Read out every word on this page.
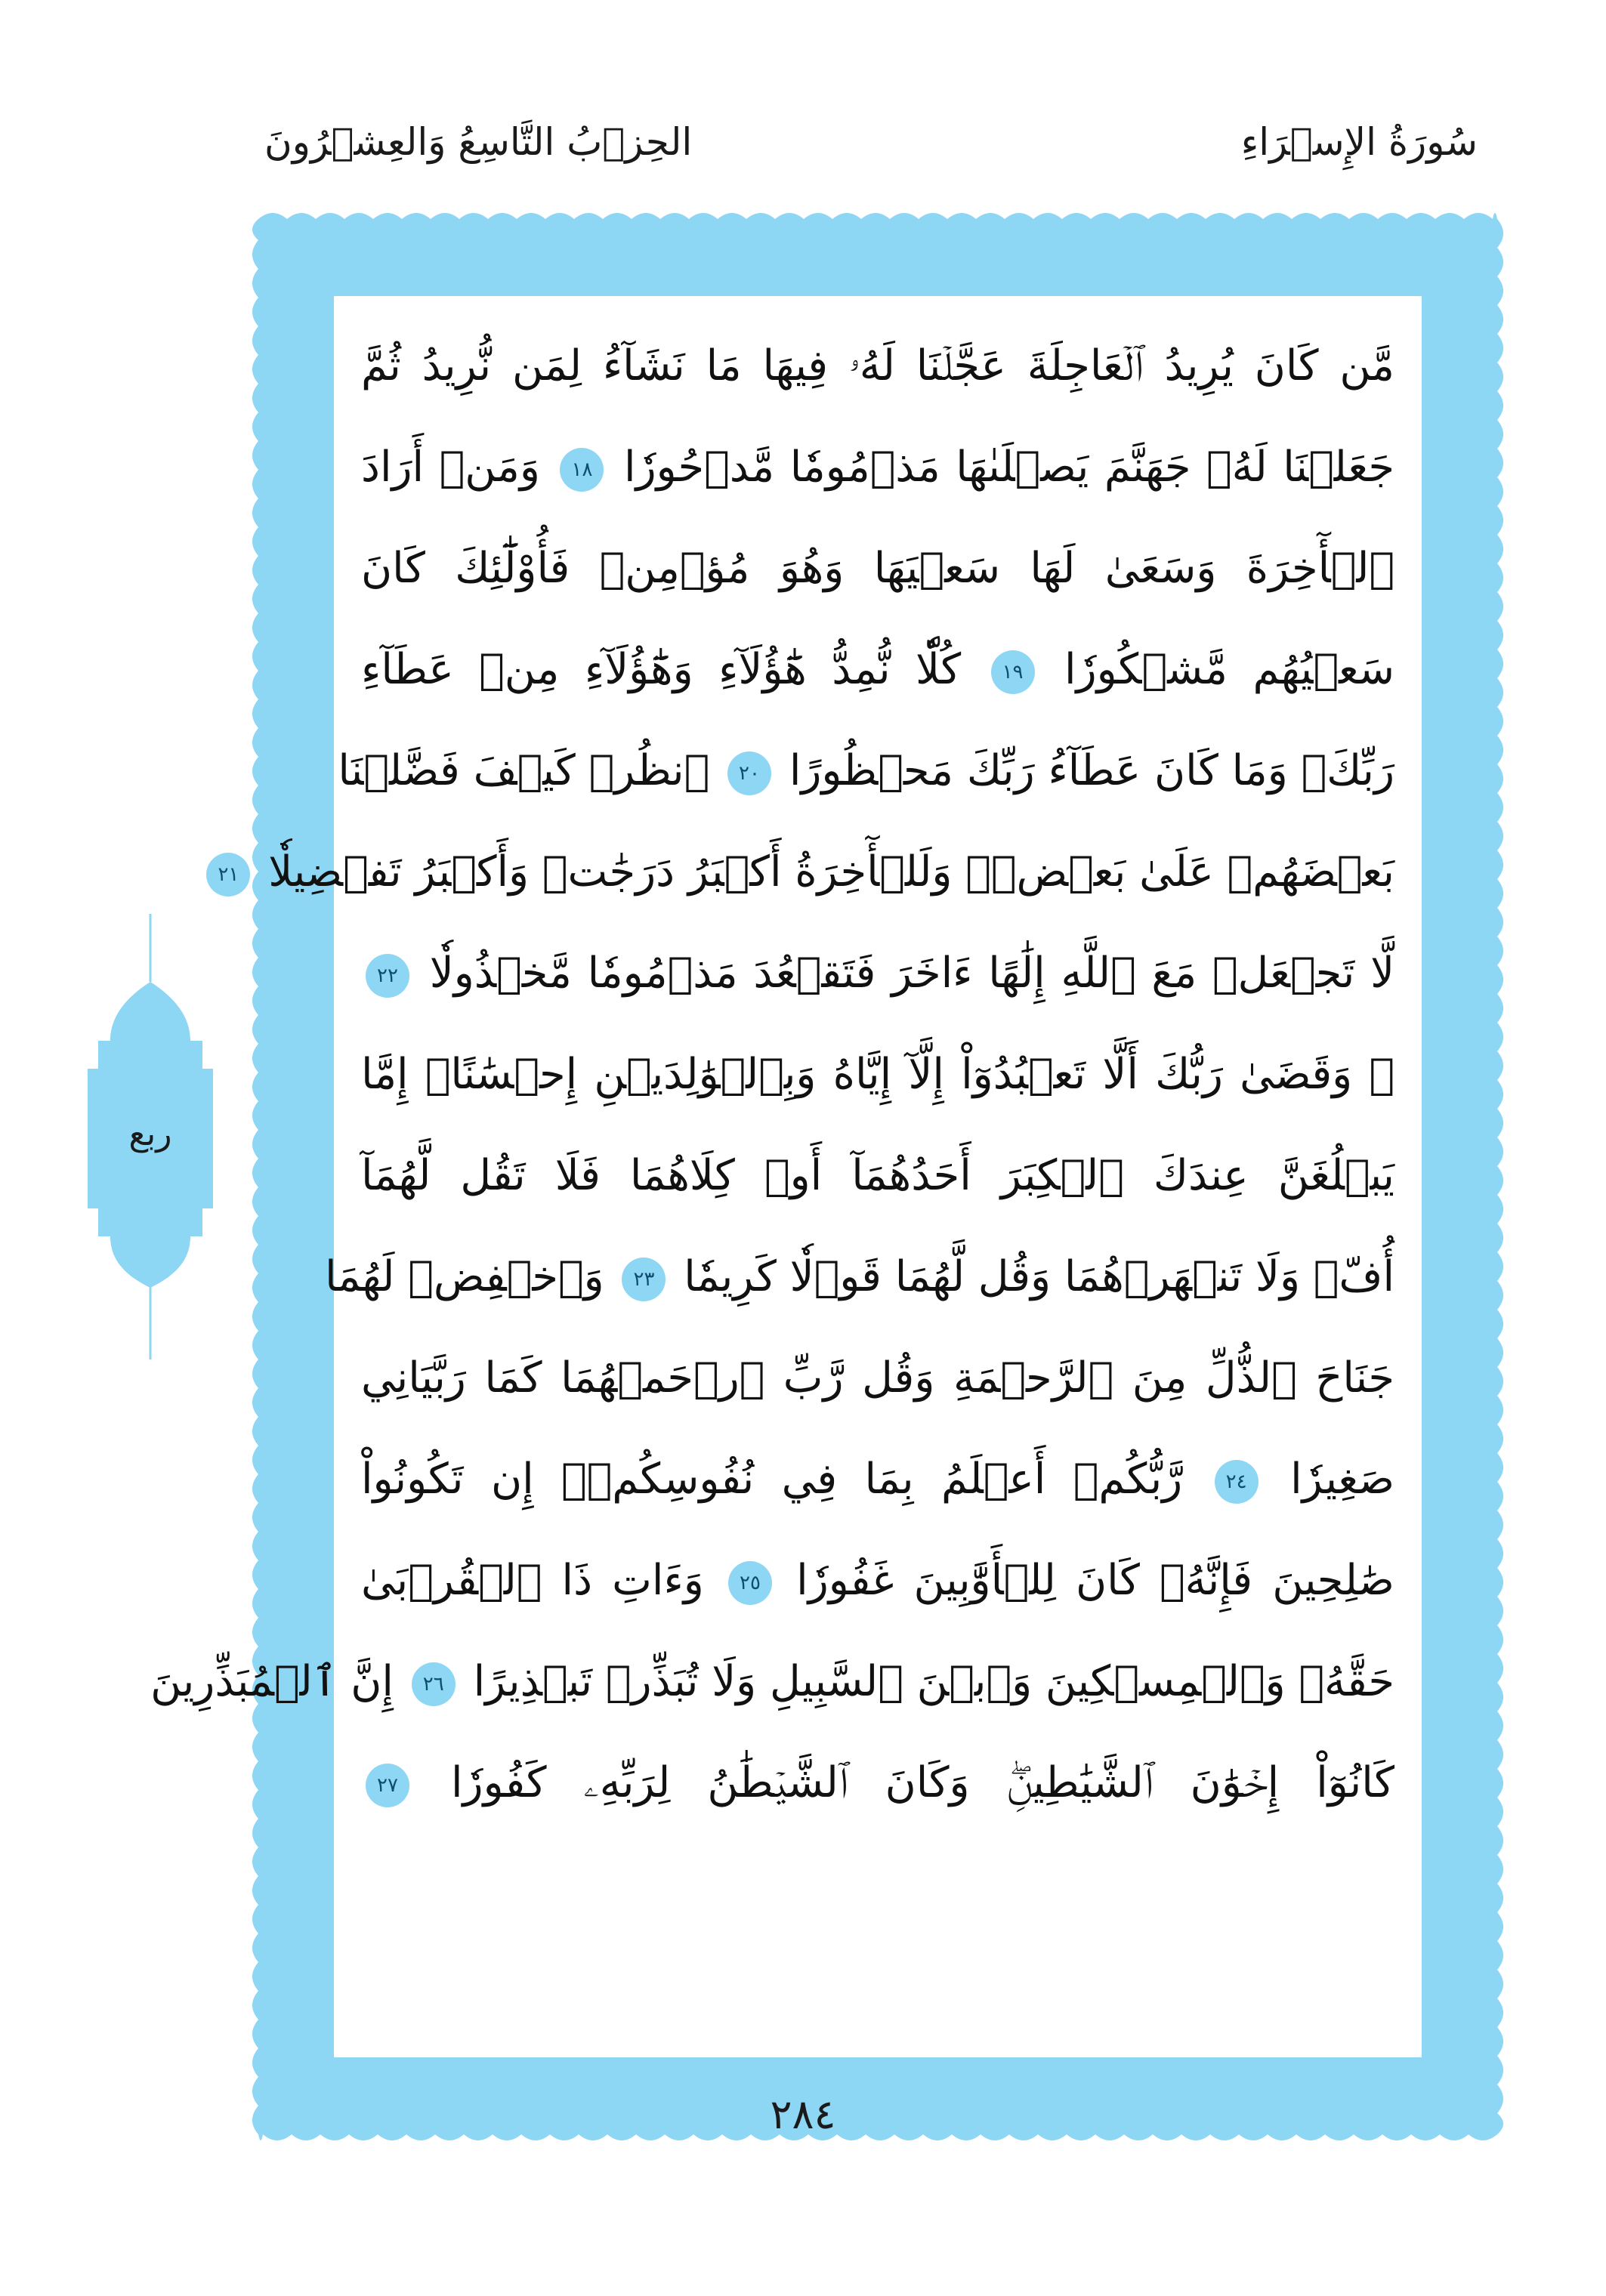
سُورَةُ الإِسۡرَاءِ
الحِزۡبُ التَّاسِعُ وَالعِشۡرُونَ
ربع
مَّن كَانَ يُرِيدُ ٱلۡعَاجِلَةَ عَجَّلۡنَا لَهُۥ فِيهَا مَا نَشَآءُ لِمَن نُّرِيدُ ثُمَّ
جَعَلۡنَا لَهُۥ جَهَنَّمَ يَصۡلَىٰهَا مَذۡمُومٗا مَّدۡحُورٗا ١٨ وَمَنۡ أَرَادَ
ٱلۡأٓخِرَةَ وَسَعَىٰ لَهَا سَعۡيَهَا وَهُوَ مُؤۡمِنٞ فَأُوْلَٰٓئِكَ كَانَ
سَعۡيُهُم مَّشۡكُورٗا ١٩ كُلّٗا نُّمِدُّ هَٰٓؤُلَآءِ وَهَٰٓؤُلَآءِ مِنۡ عَطَآءِ
رَبِّكَۚ وَمَا كَانَ عَطَآءُ رَبِّكَ مَحۡظُورًا ٢٠ ٱنظُرۡ كَيۡفَ فَضَّلۡنَا
بَعۡضَهُمۡ عَلَىٰ بَعۡضٖۚ وَلَلۡأٓخِرَةُ أَكۡبَرُ دَرَجَٰتٖ وَأَكۡبَرُ تَفۡضِيلٗا ٢١
لَّا تَجۡعَلۡ مَعَ ٱللَّهِ إِلَٰهًا ءَاخَرَ فَتَقۡعُدَ مَذۡمُومٗا مَّخۡذُولٗا ٢٢
۞ وَقَضَىٰ رَبُّكَ أَلَّا تَعۡبُدُوٓاْ إِلَّآ إِيَّاهُ وَبِٱلۡوَٰلِدَيۡنِ إِحۡسَٰنًاۚ إِمَّا
يَبۡلُغَنَّ عِندَكَ ٱلۡكِبَرَ أَحَدُهُمَآ أَوۡ كِلَاهُمَا فَلَا تَقُل لَّهُمَآ
أُفّٖ وَلَا تَنۡهَرۡهُمَا وَقُل لَّهُمَا قَوۡلٗا كَرِيمٗا ٢٣ وَٱخۡفِضۡ لَهُمَا
جَنَاحَ ٱلذُّلِّ مِنَ ٱلرَّحۡمَةِ وَقُل رَّبِّ ٱرۡحَمۡهُمَا كَمَا رَبَّيَانِي
صَغِيرٗا ٢٤ رَّبُّكُمۡ أَعۡلَمُ بِمَا فِي نُفُوسِكُمۡۚ إِن تَكُونُواْ
صَٰلِحِينَ فَإِنَّهُۥ كَانَ لِلۡأَوَّٰبِينَ غَفُورٗا ٢٥ وَءَاتِ ذَا ٱلۡقُرۡبَىٰ
حَقَّهُۥ وَٱلۡمِسۡكِينَ وَٱبۡنَ ٱلسَّبِيلِ وَلَا تُبَذِّرۡ تَبۡذِيرًا ٢٦ إِنَّ ٱلۡمُبَذِّرِينَ
كَانُوٓاْ إِخۡوَٰنَ ٱلشَّيَٰطِينِۖ وَكَانَ ٱلشَّيۡطَٰنُ لِرَبِّهِۦ كَفُورٗا ٢٧
٢٨٤
